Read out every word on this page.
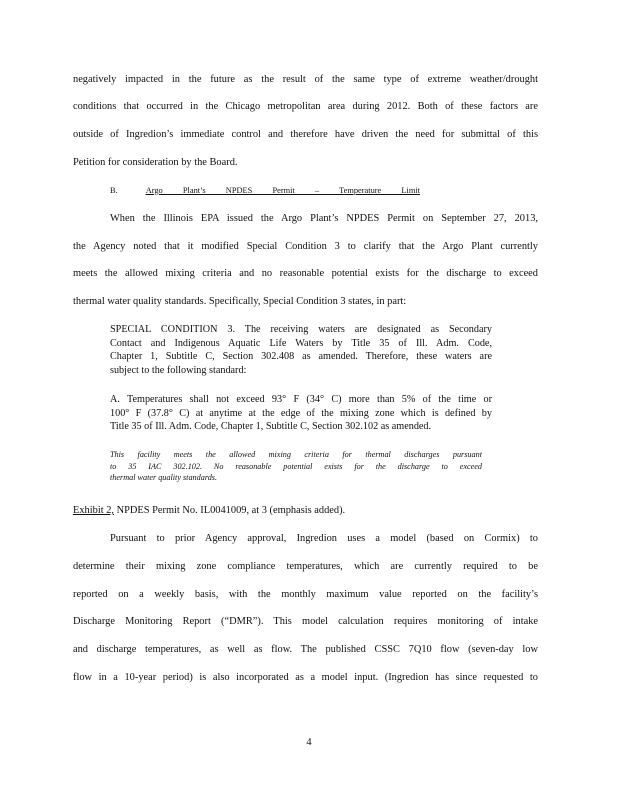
negatively impacted in the future as the result of the same type of extreme weather/drought
conditions that occurred in the Chicago metropolitan area during 2012. Both of these factors are
outside of Ingredion’s immediate control and therefore have driven the need for submittal of this
Petition for consideration by the Board.
B.	Argo Plant’s NPDES Permit – Temperature Limit
When the Illinois EPA issued the Argo Plant’s NPDES Permit on September 27, 2013,
the Agency noted that it modified Special Condition 3 to clarify that the Argo Plant currently
meets the allowed mixing criteria and no reasonable potential exists for the discharge to exceed
thermal water quality standards. Specifically, Special Condition 3 states, in part:
SPECIAL CONDITION 3. The receiving waters are designated as Secondary
Contact and Indigenous Aquatic Life Waters by Title 35 of Ill. Adm. Code,
Chapter 1, Subtitle C, Section 302.408 as amended. Therefore, these waters are
subject to the following standard:
A. Temperatures shall not exceed 93° F (34° C) more than 5% of the time or
100° F (37.8° C) at anytime at the edge of the mixing zone which is defined by
Title 35 of Ill. Adm. Code, Chapter 1, Subtitle C, Section 302.102 as amended.
This facility meets the allowed mixing criteria for thermal discharges pursuant
to 35 IAC 302.102. No reasonable potential exists for the discharge to exceed
thermal water quality standards.
Exhibit 2, NPDES Permit No. IL0041009, at 3 (emphasis added).
Pursuant to prior Agency approval, Ingredion uses a model (based on Cormix) to
determine their mixing zone compliance temperatures, which are currently required to be
reported on a weekly basis, with the monthly maximum value reported on the facility’s
Discharge Monitoring Report (“DMR”). This model calculation requires monitoring of intake
and discharge temperatures, as well as flow. The published CSSC 7Q10 flow (seven-day low
flow in a 10-year period) is also incorporated as a model input. (Ingredion has since requested to
4
